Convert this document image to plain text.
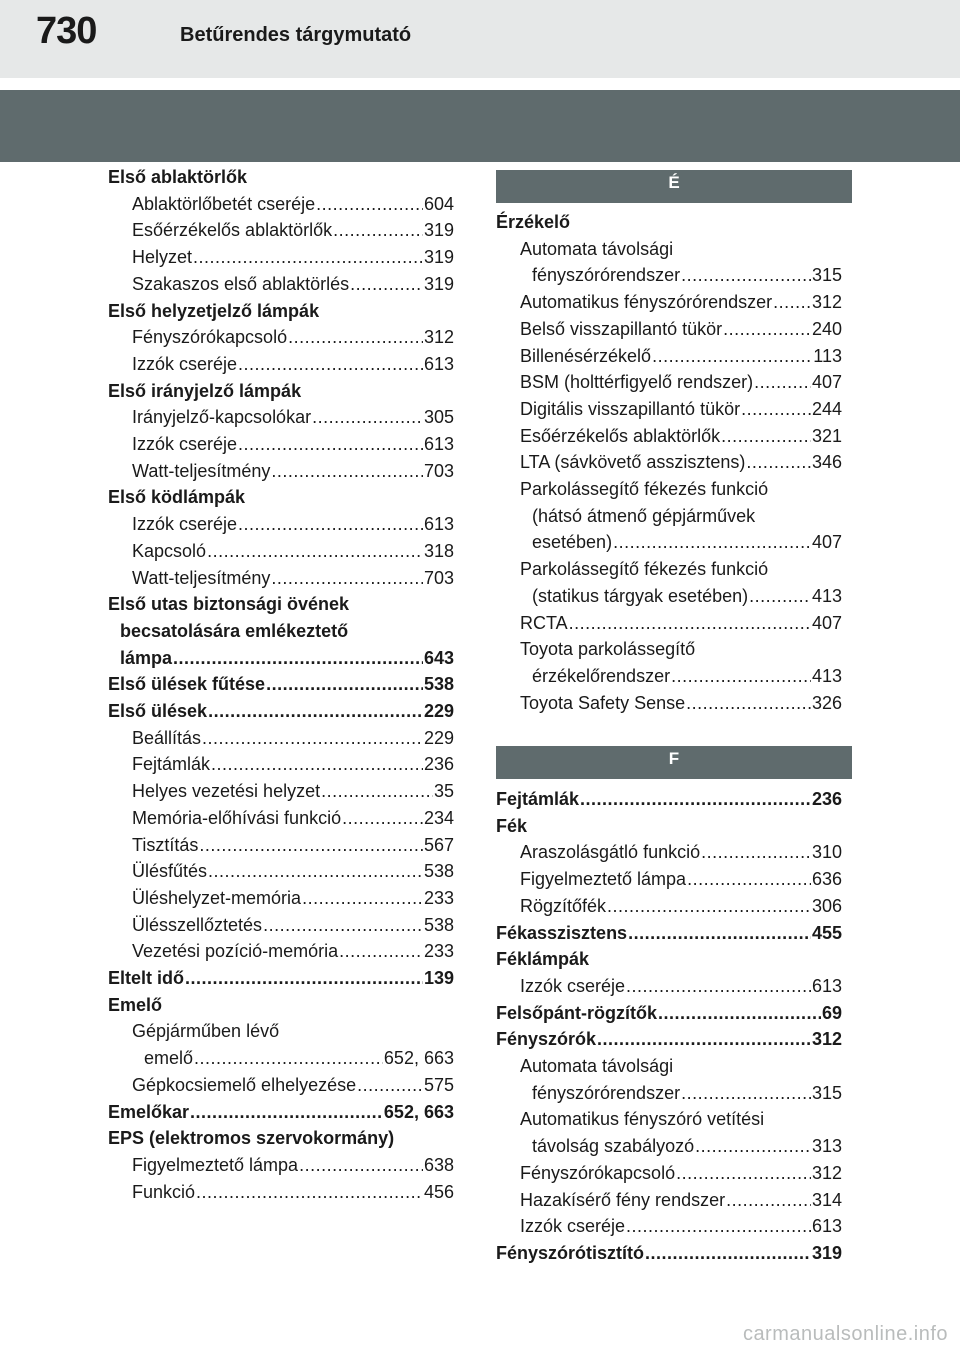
730	Betűrendes tárgymutató
Első ablaktörlők
Ablaktörlőbetét cseréje .....	604
Esőérzékelős ablaktörlők .....	319
Helyzet .....	319
Szakaszos első ablaktörlés .....	319
Első helyzetjelző lámpák
Fényszórókapcsoló .....	312
Izzók cseréje .....	613
Első irányjelző lámpák
Irányjelző-kapcsolókar .....	305
Izzók cseréje .....	613
Watt-teljesítmény .....	703
Első ködlámpák
Izzók cseréje .....	613
Kapcsoló .....	318
Watt-teljesítmény .....	703
Első utas biztonsági övének
becsatolására emlékeztető
lámpa .....	643
Első ülések fűtése .....	538
Első ülések .....	229
Beállítás .....	229
Fejtámlák .....	236
Helyes vezetési helyzet .....	35
Memória-előhívási funkció .....	234
Tisztítás .....	567
Ülésfűtés .....	538
Üléshelyzet-memória .....	233
Ülésszellőztetés .....	538
Vezetési pozíció-memória .....	233
Eltelt idő .....	139
Emelő
Gépjárműben lévő
emelő .....	652, 663
Gépkocsiemelő elhelyezése .....	575
Emelőkar .....	652, 663
EPS (elektromos szervokormány)
Figyelmeztető lámpa .....	638
Funkció .....	456
É
F
Érzékelő
Automata távolsági
fényszórórendszer .....	315
Automatikus fényszórórendszer ..... 312
Belső visszapillantó tükör .....	240
Billenésérzékelő .....	113
BSM (holttérfigyelő rendszer) .....	407
Digitális visszapillantó tükör .....	244
Esőérzékelős ablaktörlők .....	321
LTA (sávkövető asszisztens) .....	346
Parkolássegítő fékezés funkció
(hátsó átmenő gépjárművek
esetében) .....	407
Parkolássegítő fékezés funkció
(statikus tárgyak esetében) .....	413
RCTA .....	407
Toyota parkolássegítő
érzékelőrendszer .....	413
Toyota Safety Sense .....	326
Fejtámlák .....	236
Fék
Araszolásgátló funkció .....	310
Figyelmeztető lámpa .....	636
Rögzítőfék .....	306
Fékasszisztens .....	455
Féklámpák
Izzók cseréje .....	613
Felsőpánt-rögzítők .....	69
Fényszórók .....	312
Automata távolsági
fényszórórendszer .....	315
Automatikus fényszóró vetítési
távolság szabályozó .....	313
Fényszórókapcsoló .....	312
Hazakísérő fény rendszer .....	314
Izzók cseréje .....	613
Fényszórótisztító .....	319
carmanualsonline.info
